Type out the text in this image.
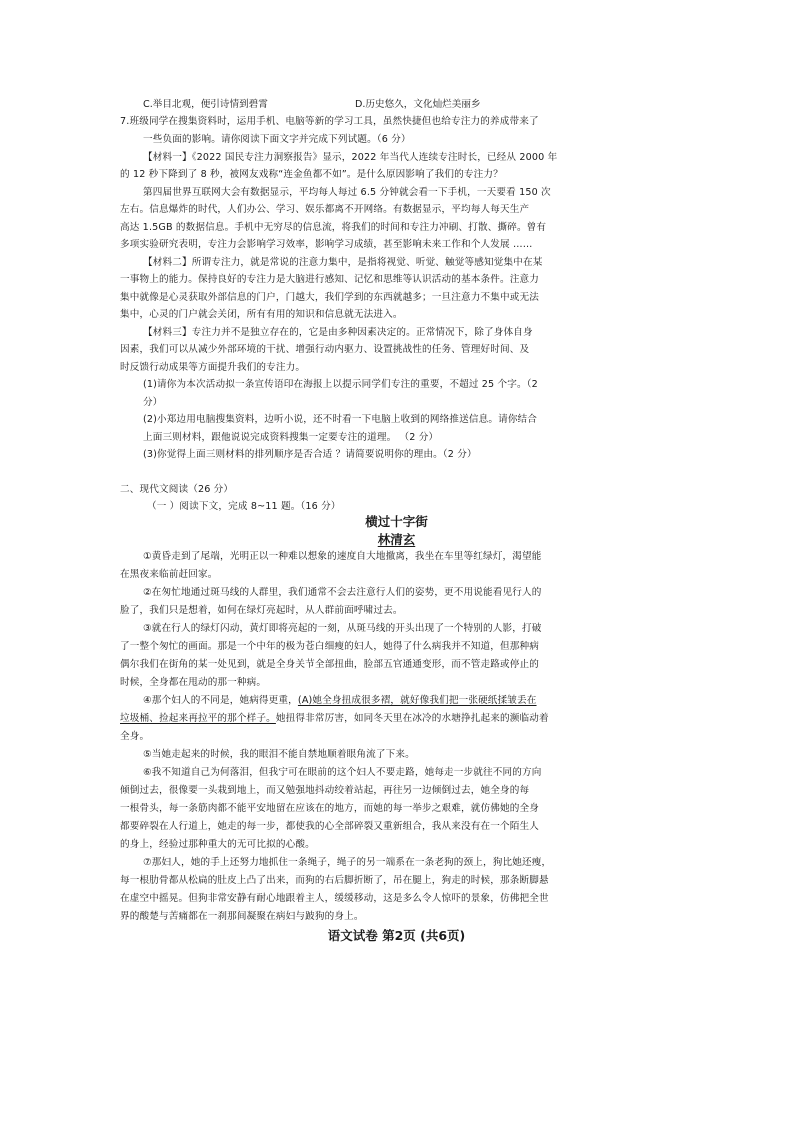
C.举目北观，便引诗情到碧霄	D.历史悠久，文化灿烂美丽乡
7.班级同学在搜集资料时，运用手机、电脑等新的学习工具，虽然快捷但也给专注力的养成带来了
一些负面的影响。请你阅读下面文字并完成下列试题。（6 分）
【材料一】《2022 国民专注力洞察报告》显示，2022 年当代人连续专注时长，已经从 2000 年
的 12 秒下降到了 8 秒，被网友戏称“连金鱼都不如”。是什么原因影响了我们的专注力？
第四届世界互联网大会有数据显示，平均每人每过 6.5 分钟就会看一下手机，一天要看 150 次
左右。信息爆炸的时代，人们办公、学习、娱乐都离不开网络。有数据显示，平均每人每天生产
高达 1.5GB 的数据信息。手机中无穷尽的信息流，将我们的时间和专注力冲刷、打散、撕碎。曾有
多项实验研究表明，专注力会影响学习效率，影响学习成绩，甚至影响未来工作和个人发展 ……
【材料二】所谓专注力，就是常说的注意力集中，是指将视觉、听觉、触觉等感知觉集中在某
一事物上的能力。保持良好的专注力是大脑进行感知、记忆和思维等认识活动的基本条件。注意力
集中就像是心灵获取外部信息的门户，门越大，我们学到的东西就越多；一旦注意力不集中或无法
集中，心灵的门户就会关闭，所有有用的知识和信息就无法进入。
【材料三】专注力并不是独立存在的，它是由多种因素决定的。正常情况下，除了身体自身
因素，我们可以从减少外部环境的干扰、增强行动内驱力、设置挑战性的任务、管理好时间、及
时反馈行动成果等方面提升我们的专注力。
(1)请你为本次活动拟一条宣传语印在海报上以提示同学们专注的重要，不超过 25 个字。（2
分）
(2)小郑边用电脑搜集资料，边听小说，还不时看一下电脑上收到的网络推送信息。请你结合
上面三则材料，跟他说说完成资料搜集一定要专注的道理。 （2 分）
(3)你觉得上面三则材料的排列顺序是否合适 ？请简要说明你的理由。（2 分）
二、现代文阅读（26 分）
（一 ）阅读下文，完成 8~11 题。（16 分）
横过十字街
林清玄
①黄昏走到了尾端，光明正以一种难以想象的速度自大地撤离，我坐在车里等红绿灯，渴望能
在黑夜来临前赶回家。
②在匆忙地通过斑马线的人群里，我们通常不会去注意行人们的姿势，更不用说能看见行人的
脸了，我们只是想着，如何在绿灯亮起时，从人群前面呼啸过去。
③就在行人的绿灯闪动，黄灯即将亮起的一刻，从斑马线的开头出现了一个特别的人影，打破
了一整个匆忙的画面。那是一个中年的极为苍白细瘦的妇人，她得了什么病我并不知道，但那种病
偶尔我们在街角的某一处见到，就是全身关节全部扭曲，脸部五官通通变形，而不管走路或停止的
时候，全身都在甩动的那一种病。
④那个妇人的不同是，她病得更重，(A)她全身扭成很多褶，就好像我们把一张硬纸揉皱丢在
垃圾桶、捡起来再拉平的那个样子。她扭得非常厉害，如同冬天里在冰冷的水塘挣扎起来的濒临动着
全身。
⑤当她走起来的时候，我的眼泪不能自禁地顺着眼角流了下来。
⑥我不知道自己为何落泪，但我宁可在眼前的这个妇人不要走路，她每走一步就往不同的方向
倾倒过去，很像要一头栽到地上，而又勉强地抖动绞着站起，再往另一边倾倒过去，她全身的每
一根骨头，每一条筋肉都不能平安地留在应该在的地方，而她的每一举步之艰难，就仿佛她的全身
都要碎裂在人行道上，她走的每一步，都使我的心全部碎裂又重新组合，我从来没有在一个陌生人
的身上，经验过那种重大的无可比拟的心酸。
⑦那妇人，她的手上还努力地抓住一条绳子，绳子的另一端系在一条老狗的颈上，狗比她还瘦，
每一根肋骨都从松扁的肚皮上凸了出来，而狗的右后脚折断了，吊在腿上，狗走的时候，那条断脚悬
在虚空中摇晃。但狗非常安静有耐心地跟着主人，缓缓移动，这是多么令人惊吓的景象，仿佛把全世
界的酸楚与苦痛都在一刹那间凝聚在病妇与跛狗的身上。
语文试卷 第2页 (共6页)
